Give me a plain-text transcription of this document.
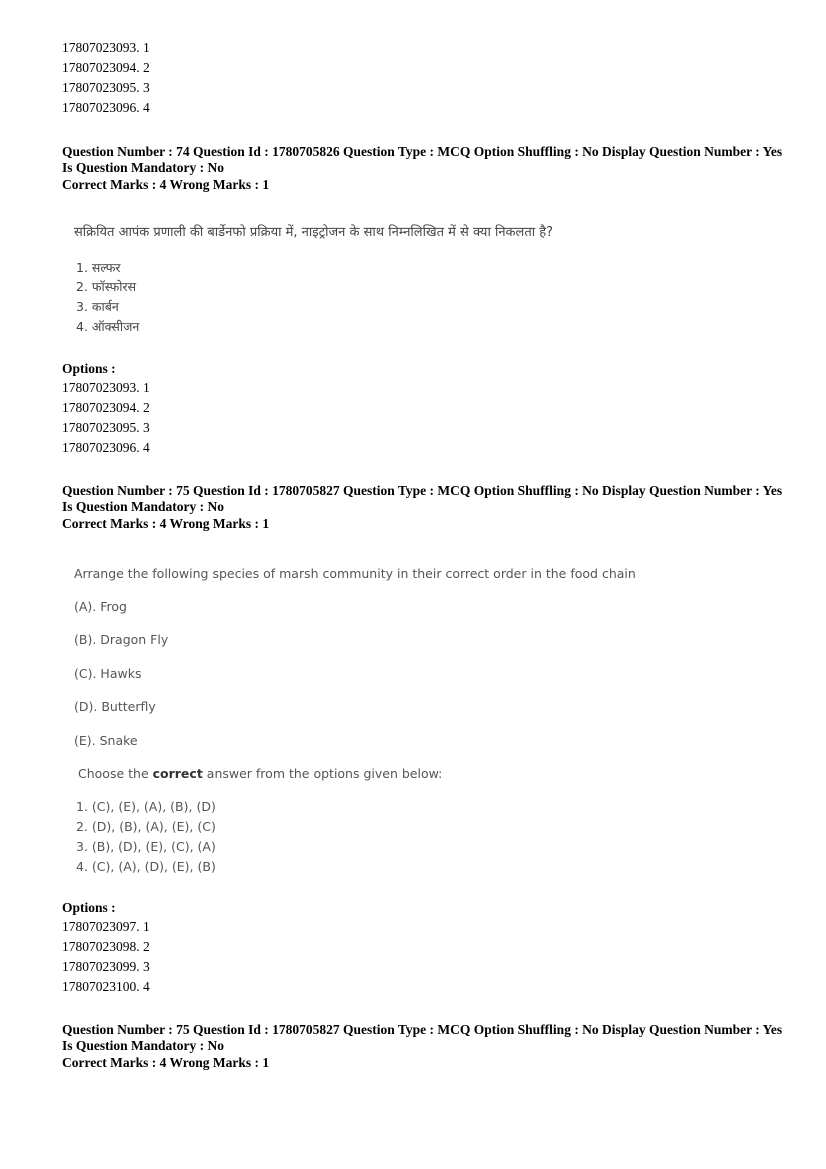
17807023093. 1
17807023094. 2
17807023095. 3
17807023096. 4
Question Number : 74 Question Id : 1780705826 Question Type : MCQ Option Shuffling : No Display Question Number : Yes
Is Question Mandatory : No
Correct Marks : 4 Wrong Marks : 1
सक्रियित आपंक प्रणाली की बार्डेनफो प्रक्रिया में, नाइट्रोजन के साथ निम्नलिखित में से क्या निकलता है?
1. सल्फर
2. फॉस्फोरस
3. कार्बन
4. ऑक्सीजन
Options :
17807023093. 1
17807023094. 2
17807023095. 3
17807023096. 4
Question Number : 75 Question Id : 1780705827 Question Type : MCQ Option Shuffling : No Display Question Number : Yes
Is Question Mandatory : No
Correct Marks : 4 Wrong Marks : 1
Arrange the following species of marsh community in their correct order in the food chain
(A). Frog
(B). Dragon Fly
(C). Hawks
(D). Butterfly
(E). Snake
Choose the correct answer from the options given below:
1. (C), (E), (A), (B), (D)
2. (D), (B), (A), (E), (C)
3. (B), (D), (E), (C), (A)
4. (C), (A), (D), (E), (B)
Options :
17807023097. 1
17807023098. 2
17807023099. 3
17807023100. 4
Question Number : 75 Question Id : 1780705827 Question Type : MCQ Option Shuffling : No Display Question Number : Yes
Is Question Mandatory : No
Correct Marks : 4 Wrong Marks : 1
